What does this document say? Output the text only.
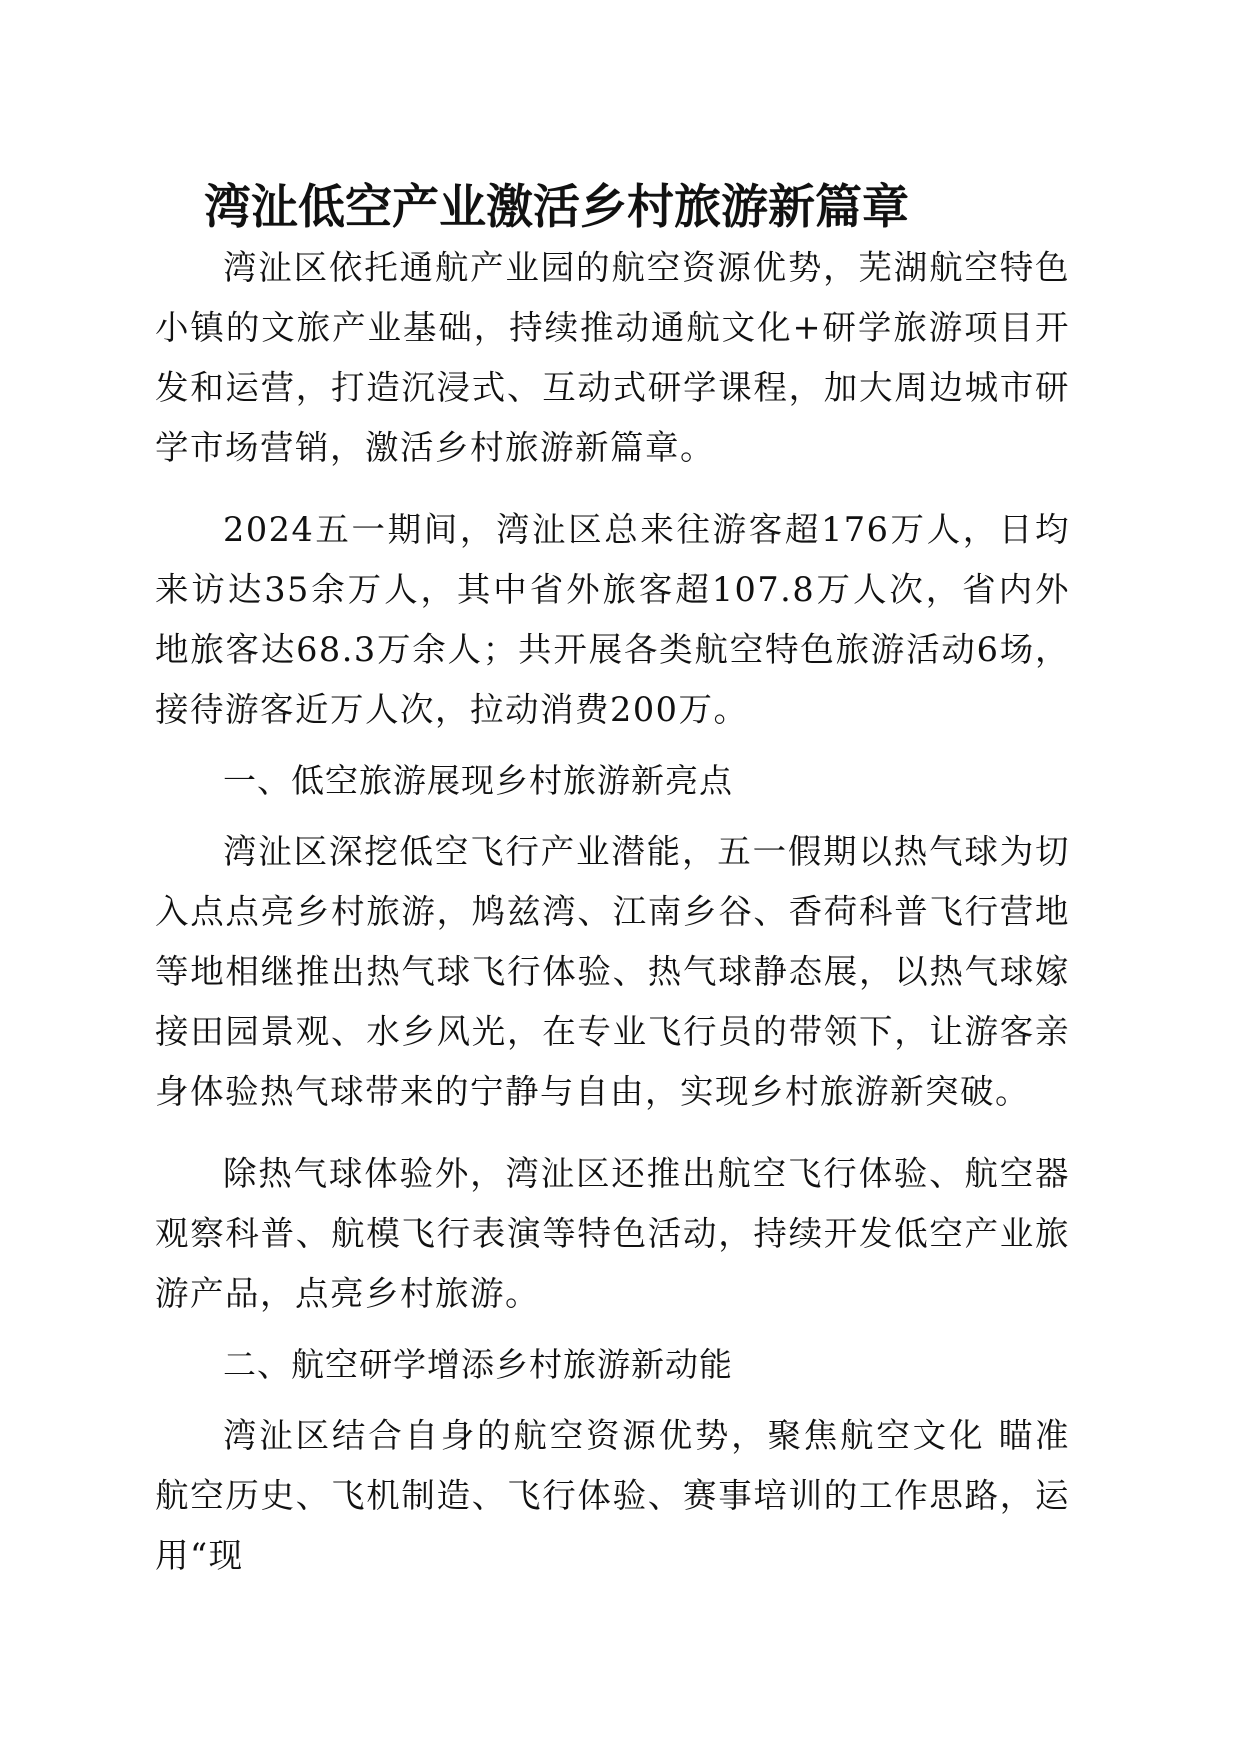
湾沚低空产业激活乡村旅游新篇章

湾沚区依托通航产业园的航空资源优势，芜湖航空特色小镇的文旅产业基础，持续推动通航文化+研学旅游项目开发和运营，打造沉浸式、互动式研学课程，加大周边城市研学市场营销，激活乡村旅游新篇章。

2024五一期间，湾沚区总来往游客超176万人，日均来访达35余万人，其中省外旅客超107.8万人次，省内外地旅客达68.3万余人；共开展各类航空特色旅游活动6场，接待游客近万人次，拉动消费200万。

一、低空旅游展现乡村旅游新亮点

湾沚区深挖低空飞行产业潜能，五一假期以热气球为切入点点亮乡村旅游，鸠兹湾、江南乡谷、香荷科普飞行营地等地相继推出热气球飞行体验、热气球静态展，以热气球嫁接田园景观、水乡风光，在专业飞行员的带领下，让游客亲身体验热气球带来的宁静与自由，实现乡村旅游新突破。

除热气球体验外，湾沚区还推出航空飞行体验、航空器观察科普、航模飞行表演等特色活动，持续开发低空产业旅游产品，点亮乡村旅游。

二、航空研学增添乡村旅游新动能

湾沚区结合自身的航空资源优势，聚焦航空文化 瞄准航空历史、飞机制造、飞行体验、赛事培训的工作思路，运用“现
